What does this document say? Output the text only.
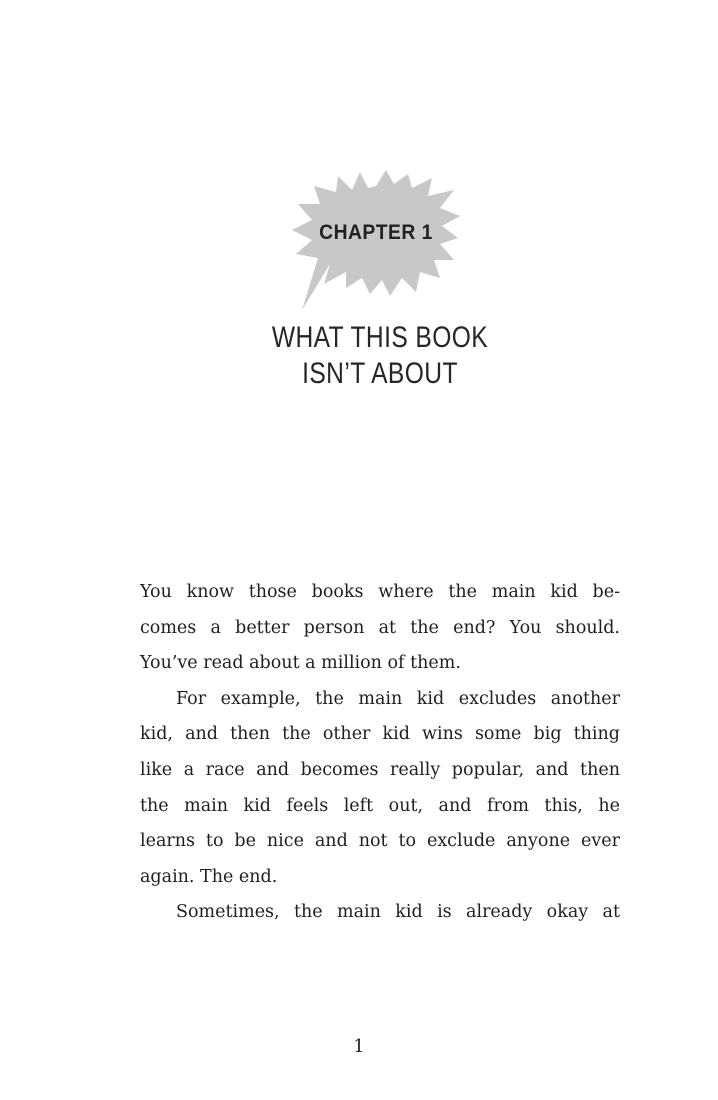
CHAPTER 1
WHAT THIS BOOK
ISN’T ABOUT
You know those books where the main kid be-
comes a better person at the end? You should.
You’ve read about a million of them.
For example, the main kid excludes another
kid, and then the other kid wins some big thing
like a race and becomes really popular, and then
the main kid feels left out, and from this, he
learns to be nice and not to exclude anyone ever
again. The end.
Sometimes, the main kid is already okay at
1
